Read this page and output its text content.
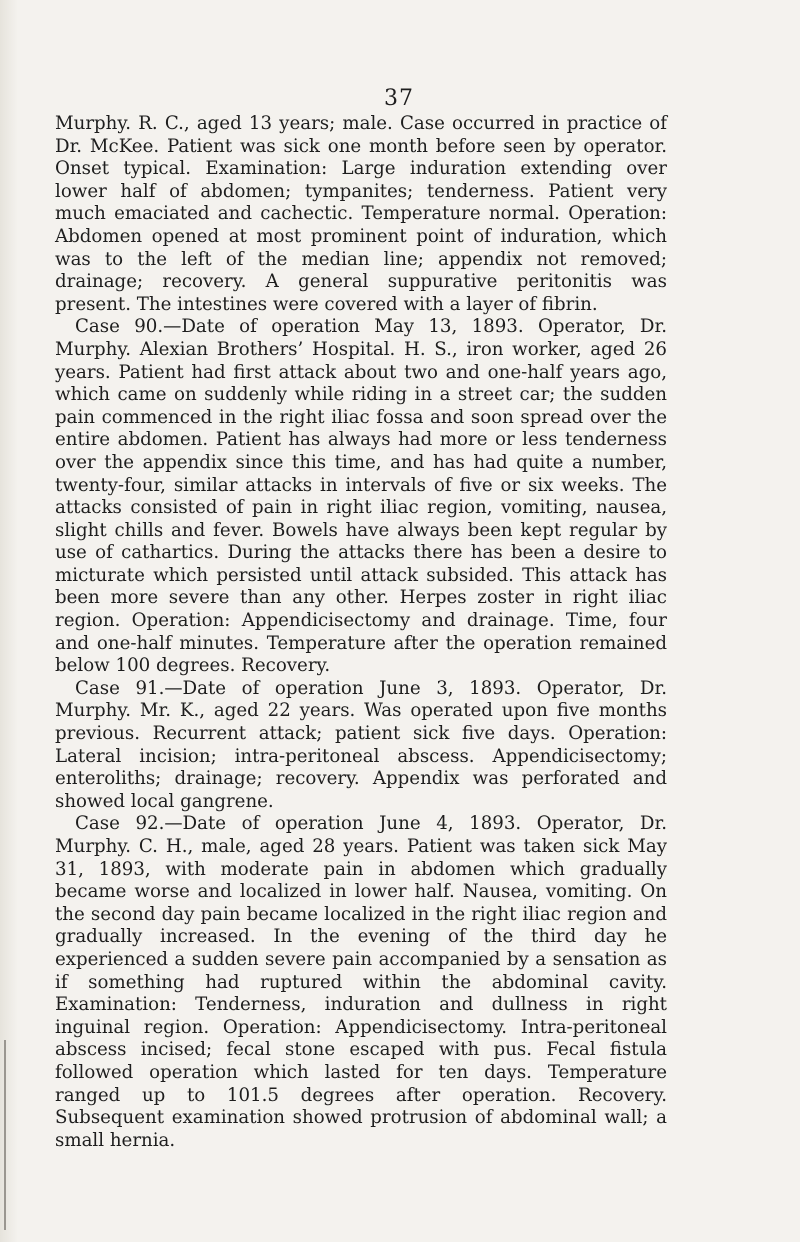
37

Murphy. R. C., aged 13 years; male. Case occurred in practice of Dr. McKee. Patient was sick one month before seen by operator. Onset typical. Examination: Large induration extending over lower half of abdomen; tympanites; tenderness. Patient very much emaciated and cachectic. Temperature normal. Operation: Abdomen opened at most prominent point of induration, which was to the left of the median line; appendix not removed; drainage; recovery. A general suppurative peritonitis was present. The intestines were covered with a layer of fibrin.

Case 90.—Date of operation May 13, 1893. Operator, Dr. Murphy. Alexian Brothers’ Hospital. H. S., iron worker, aged 26 years. Patient had first attack about two and one-half years ago, which came on suddenly while riding in a street car; the sudden pain commenced in the right iliac fossa and soon spread over the entire abdomen. Patient has always had more or less tenderness over the appendix since this time, and has had quite a number, twenty-four, similar attacks in intervals of five or six weeks. The attacks consisted of pain in right iliac region, vomiting, nausea, slight chills and fever. Bowels have always been kept regular by use of cathartics. During the attacks there has been a desire to micturate which persisted until attack subsided. This attack has been more severe than any other. Herpes zoster in right iliac region. Operation: Appendicisectomy and drainage. Time, four and one-half minutes. Temperature after the operation remained below 100 degrees. Recovery.

Case 91.—Date of operation June 3, 1893. Operator, Dr. Murphy. Mr. K., aged 22 years. Was operated upon five months previous. Recurrent attack; patient sick five days. Operation: Lateral incision; intra-peritoneal abscess. Appendicisectomy; enteroliths; drainage; recovery. Appendix was perforated and showed local gangrene.

Case 92.—Date of operation June 4, 1893. Operator, Dr. Murphy. C. H., male, aged 28 years. Patient was taken sick May 31, 1893, with moderate pain in abdomen which gradually became worse and localized in lower half. Nausea, vomiting. On the second day pain became localized in the right iliac region and gradually increased. In the evening of the third day he experienced a sudden severe pain accompanied by a sensation as if something had ruptured within the abdominal cavity. Examination: Tenderness, induration and dullness in right inguinal region. Operation: Appendicisectomy. Intra-peritoneal abscess incised; fecal stone escaped with pus. Fecal fistula followed operation which lasted for ten days. Temperature ranged up to 101.5 degrees after operation. Recovery. Subsequent examination showed protrusion of abdominal wall; a small hernia.
